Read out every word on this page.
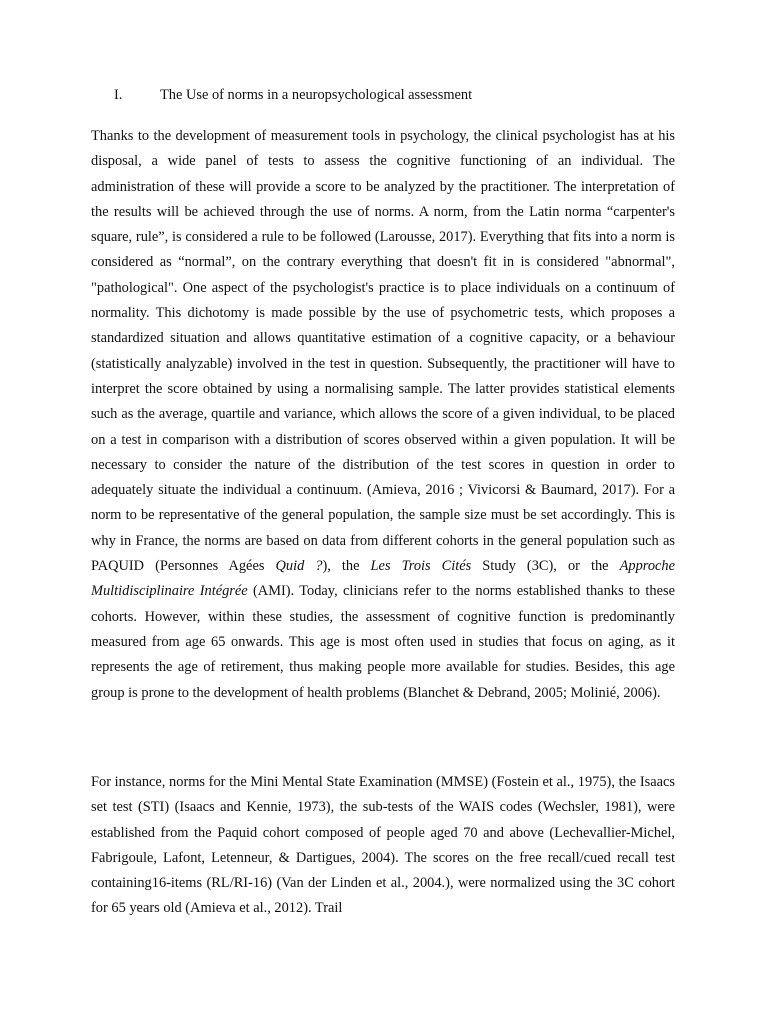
I.	The Use of norms in a neuropsychological assessment

Thanks to the development of measurement tools in psychology, the clinical psychologist has at his disposal, a wide panel of tests to assess the cognitive functioning of an individual. The administration of these will provide a score to be analyzed by the practitioner. The interpretation of the results will be achieved through the use of norms. A norm, from the Latin norma “carpenter's square, rule”, is considered a rule to be followed (Larousse, 2017). Everything that fits into a norm is considered as “normal”, on the contrary everything that doesn't fit in is considered "abnormal", "pathological". One aspect of the psychologist's practice is to place individuals on a continuum of normality. This dichotomy is made possible by the use of psychometric tests, which proposes a standardized situation and allows quantitative estimation of a cognitive capacity, or a behaviour (statistically analyzable) involved in the test in question. Subsequently, the practitioner will have to interpret the score obtained by using a normalising sample. The latter provides statistical elements such as the average, quartile and variance, which allows the score of a given individual, to be placed on a test in comparison with a distribution of scores observed within a given population. It will be necessary to consider the nature of the distribution of the test scores in question in order to adequately situate the individual a continuum. (Amieva, 2016 ; Vivicorsi & Baumard, 2017). For a norm to be representative of the general population, the sample size must be set accordingly. This is why in France, the norms are based on data from different cohorts in the general population such as PAQUID (Personnes Agées Quid ?), the Les Trois Cités Study (3C), or the Approche Multidisciplinaire Intégrée (AMI). Today, clinicians refer to the norms established thanks to these cohorts. However, within these studies, the assessment of cognitive function is predominantly measured from age 65 onwards. This age is most often used in studies that focus on aging, as it represents the age of retirement, thus making people more available for studies. Besides, this age group is prone to the development of health problems (Blanchet & Debrand, 2005; Molinié, 2006).

For instance, norms for the Mini Mental State Examination (MMSE) (Fostein et al., 1975), the Isaacs set test (STI) (Isaacs and Kennie, 1973), the sub-tests of the WAIS codes (Wechsler, 1981), were established from the Paquid cohort composed of people aged 70 and above (Lechevallier-Michel, Fabrigoule, Lafont, Letenneur, & Dartigues, 2004). The scores on the free recall/cued recall test containing16-items (RL/RI-16) (Van der Linden et al., 2004.), were normalized using the 3C cohort for 65 years old (Amieva et al., 2012). Trail
